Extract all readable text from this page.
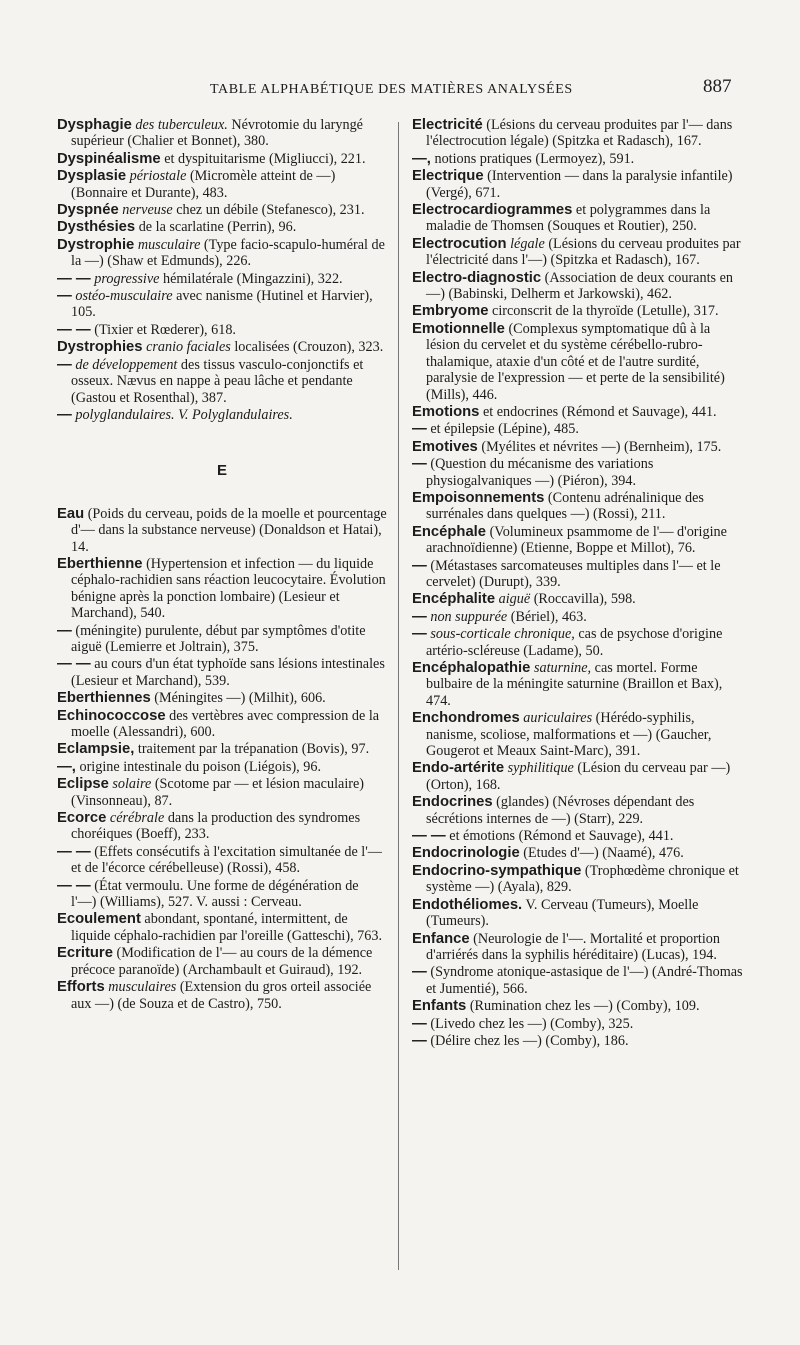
TABLE ALPHABÉTIQUE DES MATIÈRES ANALYSÉES	887
Dysphagie des tuberculeux. Névrotomie du laryngé supérieur (Chalier et Bonnet), 380.
Dyspinéalisme et dyspituitarisme (Migliucci), 221.
Dysplasie périostale (Micromèle atteint de —) (Bonnaire et Durante), 483.
Dyspnée nerveuse chez un débile (Stefanesco), 231.
Dysthésies de la scarlatine (Perrin), 96.
Dystrophie musculaire (Type facio-scapulo-huméral de la —) (Shaw et Edmunds), 226.
— — progressive hémilatérale (Mingazzini), 322.
— ostéo-musculaire avec nanisme (Hutinel et Harvier), 105.
— — (Tixier et Rœderer), 618.
Dystrophies cranio faciales localisées (Crouzon), 323.
— de développement des tissus vasculo-conjonctifs et osseux. Nævus en nappe à peau lâche et pendante (Gastou et Rosenthal), 387.
— polyglandulaires. V. Polyglandulaires.
E
Eau (Poids du cerveau, poids de la moelle et pourcentage d'— dans la substance nerveuse) (Donaldson et Hatai), 14.
Eberthienne (Hypertension et infection — du liquide céphalo-rachidien sans réaction leucocytaire. Évolution bénigne après la ponction lombaire) (Lesieur et Marchand), 540.
— (méningite) purulente, début par symptômes d'otite aiguë (Lemierre et Joltrain), 375.
— — au cours d'un état typhoïde sans lésions intestinales (Lesieur et Marchand), 539.
Eberthiennes (Méningites —) (Milhit), 606.
Echinococcose des vertèbres avec compression de la moelle (Alessandri), 600.
Eclampsie, traitement par la trépanation (Bovis), 97.
—, origine intestinale du poison (Liégois), 96.
Eclipse solaire (Scotome par — et lésion maculaire) (Vinsonneau), 87.
Ecorce cérébrale dans la production des syndromes choréiques (Boeff), 233.
— — (Effets consécutifs à l'excitation simultanée de l'— et de l'écorce cérébelleuse) (Rossi), 458.
— — (État vermoulu. Une forme de dégénération de l'—) (Williams), 527. V. aussi : Cerveau.
Ecoulement abondant, spontané, intermittent, de liquide céphalo-rachidien par l'oreille (Gatteschi), 763.
Ecriture (Modification de l'— au cours de la démence précoce paranoïde) (Archambault et Guiraud), 192.
Efforts musculaires (Extension du gros orteil associée aux —) (de Souza et de Castro), 750.
Electricité (Lésions du cerveau produites par l'— dans l'électrocution légale) (Spitzka et Radasch), 167.
—, notions pratiques (Lermoyez), 591.
Electrique (Intervention — dans la paralysie infantile) (Vergé), 671.
Electrocardiogrammes et polygrammes dans la maladie de Thomsen (Souques et Routier), 250.
Electrocution légale (Lésions du cerveau produites par l'électricité dans l'—) (Spitzka et Radasch), 167.
Electro-diagnostic (Association de deux courants en —) (Babinski, Delherm et Jarkowski), 462.
Embryome circonscrit de la thyroïde (Letulle), 317.
Emotionnelle (Complexus symptomatique dû à la lésion du cervelet et du système cérébello-rubro-thalamique, ataxie d'un côté et de l'autre surdité, paralysie de l'expression — et perte de la sensibilité) (Mills), 446.
Emotions et endocrines (Rémond et Sauvage), 441.
— et épilepsie (Lépine), 485.
Emotives (Myélites et névrites —) (Bernheim), 175.
— (Question du mécanisme des variations physiogalvaniques —) (Piéron), 394.
Empoisonnements (Contenu adrénalinique des surrénales dans quelques —) (Rossi), 211.
Encéphale (Volumineux psammome de l'— d'origine arachnoïdienne) (Etienne, Boppe et Millot), 76.
— (Métastases sarcomateuses multiples dans l'— et le cervelet) (Durupt), 339.
Encéphalite aiguë (Roccavilla), 598.
— non suppurée (Bériel), 463.
— sous-corticale chronique, cas de psychose d'origine artério-scléreuse (Ladame), 50.
Encéphalopathie saturnine, cas mortel. Forme bulbaire de la méningite saturnine (Braillon et Bax), 474.
Enchondromes auriculaires (Hérédo-syphilis, nanisme, scoliose, malformations et —) (Gaucher, Gougerot et Meaux Saint-Marc), 391.
Endo-artérite syphilitique (Lésion du cerveau par —) (Orton), 168.
Endocrines (glandes) (Névroses dépendant des sécrétions internes de —) (Starr), 229.
— — et émotions (Rémond et Sauvage), 441.
Endocrinologie (Etudes d'—) (Naamé), 476.
Endocrino-sympathique (Trophœdème chronique et système —) (Ayala), 829.
Endothéliomes. V. Cerveau (Tumeurs), Moelle (Tumeurs).
Enfance (Neurologie de l'—. Mortalité et proportion d'arriérés dans la syphilis héréditaire) (Lucas), 194.
— (Syndrome atonique-astasique de l'—) (André-Thomas et Jumentié), 566.
Enfants (Rumination chez les —) (Comby), 109.
— (Livedo chez les —) (Comby), 325.
— (Délire chez les —) (Comby), 186.
